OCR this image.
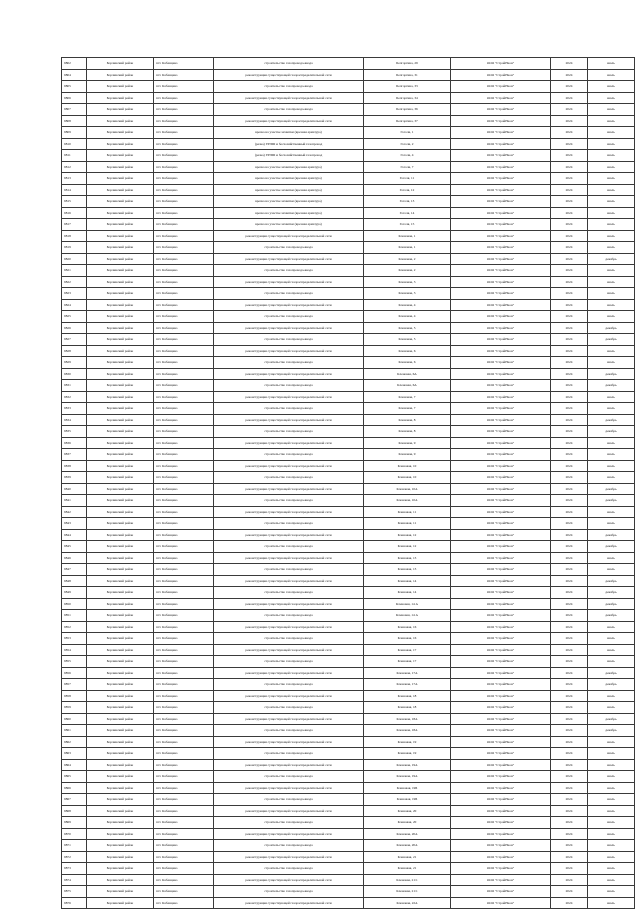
9802	Борзинский район	пгт. Кабанцево	строительство газопровода-ввода	Белгоргина, 29	ООО "СтройНеон"	2024	июль
9804	Борзинский район	пгт. Кабанцево	реконструкция существующей газораспределительной сети	Белгоргина, 31	ООО "СтройНеон"	2024	июль
9805	Борзинский район	пгт. Кабанцево	строительство газопровода-ввода	Белгоргина, 33	ООО "СтройНеон"	2024	июль
9806	Борзинский район	пгт. Кабанцево	реконструкция существующей газораспределительной сети	Белгоргина, 34	ООО "СтройНеон"	2024	июль
9807	Борзинский район	пгт. Кабанцево	строительство газопровода-ввода	Белгоргина, 36	ООО "СтройНеон"	2024	июль
9808	Борзинский район	пгт. Кабанцево	реконструкция существующей газораспределительной сети	Белгоргина, 37	ООО "СтройНеон"	2024	июль
9809	Борзинский район	пгт. Кабанцево	врезка на участке захватки (врезная арматура)	Гоголя, 1	ООО "СтройНеон"	2024	июль
9810	Борзинский район	пгт. Кабанцево	(резка) ГРПШ и бесхозяйственный газопровод	Гоголя, 2	ООО "СтройНеон"	2024	июль
9811	Борзинский район	пгт. Кабанцево	(резка) ГРПШ и бесхозяйственный газопровод	Гоголя, 4	ООО "СтройНеон"	2024	июль
9812	Борзинский район	пгт. Кабанцево	врезка на участке захватки (врезная арматура)	Гоголя, 7	ООО "СтройНеон"	2024	июль
9813	Борзинский район	пгт. Кабанцево	врезка на участке захватки (врезная арматура)	Гоголя, 11	ООО "СтройНеон"	2024	июль
9814	Борзинский район	пгт. Кабанцево	врезка на участке захватки (врезная арматура)	Гоголя, 12	ООО "СтройНеон"	2024	июль
9815	Борзинский район	пгт. Кабанцево	врезка на участке захватки (врезная арматура)	Гоголя, 13	ООО "СтройНеон"	2024	июль
9816	Борзинский район	пгт. Кабанцево	врезка на участке захватки (врезная арматура)	Гоголя, 14	ООО "СтройНеон"	2024	июль
9817	Борзинский район	пгт. Кабанцево	врезка на участке захватки (врезная арматура)	Гоголя, 15	ООО "СтройНеон"	2024	июль
9818	Борзинский район	пгт. Кабанцево	реконструкция существующей газораспределительной сети	Кленовая, 1	ООО "СтройНеон"	2024	июль
9819	Борзинский район	пгт. Кабанцево	строительство газопровода-ввода	Кленовая, 1	ООО "СтройНеон"	2024	июль
9820	Борзинский район	пгт. Кабанцево	реконструкция существующей газораспределительной сети	Кленовая, 2	ООО "СтройНеон"	2024	декабрь
9821	Борзинский район	пгт. Кабанцево	строительство газопровода-ввода	Кленовая, 2	ООО "СтройНеон"	2024	июль
9822	Борзинский район	пгт. Кабанцево	реконструкция существующей газораспределительной сети	Кленовая, 3	ООО "СтройНеон"	2024	июль
9823	Борзинский район	пгт. Кабанцево	строительство газопровода-ввода	Кленовая, 3	ООО "СтройНеон"	2024	июль
9824	Борзинский район	пгт. Кабанцево	реконструкция существующей газораспределительной сети	Кленовая, 4	ООО "СтройНеон"	2024	июль
9825	Борзинский район	пгт. Кабанцево	строительство газопровода-ввода	Кленовая, 4	ООО "СтройНеон"	2024	июль
9826	Борзинский район	пгт. Кабанцево	реконструкция существующей газораспределительной сети	Кленовая, 5	ООО "СтройНеон"	2024	декабрь
9827	Борзинский район	пгт. Кабанцево	строительство газопровода-ввода	Кленовая, 5	ООО "СтройНеон"	2024	декабрь
9828	Борзинский район	пгт. Кабанцево	реконструкция существующей газораспределительной сети	Кленовая, 6	ООО "СтройНеон"	2024	июль
9829	Борзинский район	пгт. Кабанцево	строительство газопровода-ввода	Кленовая, 6	ООО "СтройНеон"	2024	июль
9830	Борзинский район	пгт. Кабанцево	реконструкция существующей газораспределительной сети	Кленовая, 6А	ООО "СтройНеон"	2024	декабрь
9831	Борзинский район	пгт. Кабанцево	строительство газопровода-ввода	Кленовая, 6А	ООО "СтройНеон"	2024	декабрь
9832	Борзинский район	пгт. Кабанцево	реконструкция существующей газораспределительной сети	Кленовая, 7	ООО "СтройНеон"	2024	июль
9833	Борзинский район	пгт. Кабанцево	строительство газопровода-ввода	Кленовая, 7	ООО "СтройНеон"	2024	июль
9834	Борзинский район	пгт. Кабанцево	реконструкция существующей газораспределительной сети	Кленовая, 8	ООО "СтройНеон"	2024	декабрь
9835	Борзинский район	пгт. Кабанцево	строительство газопровода-ввода	Кленовая, 8	ООО "СтройНеон"	2024	декабрь
9836	Борзинский район	пгт. Кабанцево	реконструкция существующей газораспределительной сети	Кленовая, 9	ООО "СтройНеон"	2024	июль
9837	Борзинский район	пгт. Кабанцево	строительство газопровода-ввода	Кленовая, 9	ООО "СтройНеон"	2024	июль
9838	Борзинский район	пгт. Кабанцево	реконструкция существующей газораспределительной сети	Кленовая, 10	ООО "СтройНеон"	2024	июль
9839	Борзинский район	пгт. Кабанцево	строительство газопровода-ввода	Кленовая, 10	ООО "СтройНеон"	2024	июль
9840	Борзинский район	пгт. Кабанцево	реконструкция существующей газораспределительной сети	Кленовая, 10А	ООО "СтройНеон"	2024	декабрь
9841	Борзинский район	пгт. Кабанцево	строительство газопровода-ввода	Кленовая, 10А	ООО "СтройНеон"	2024	декабрь
9842	Борзинский район	пгт. Кабанцево	реконструкция существующей газораспределительной сети	Кленовая, 11	ООО "СтройНеон"	2024	июль
9843	Борзинский район	пгт. Кабанцево	строительство газопровода-ввода	Кленовая, 11	ООО "СтройНеон"	2024	июль
9844	Борзинский район	пгт. Кабанцево	реконструкция существующей газораспределительной сети	Кленовая, 12	ООО "СтройНеон"	2024	декабрь
9845	Борзинский район	пгт. Кабанцево	строительство газопровода-ввода	Кленовая, 12	ООО "СтройНеон"	2024	декабрь
9846	Борзинский район	пгт. Кабанцево	реконструкция существующей газораспределительной сети	Кленовая, 13	ООО "СтройНеон"	2024	июль
9847	Борзинский район	пгт. Кабанцево	строительство газопровода-ввода	Кленовая, 13	ООО "СтройНеон"	2024	июль
9848	Борзинский район	пгт. Кабанцево	реконструкция существующей газораспределительной сети	Кленовая, 14	ООО "СтройНеон"	2024	декабрь
9849	Борзинский район	пгт. Кабанцево	строительство газопровода-ввода	Кленовая, 14	ООО "СтройНеон"	2024	декабрь
9850	Борзинский район	пгт. Кабанцево	реконструкция существующей газораспределительной сети	Кленовая, 14 А	ООО "СтройНеон"	2024	декабрь
9851	Борзинский район	пгт. Кабанцево	строительство газопровода-ввода	Кленовая, 14 А	ООО "СтройНеон"	2024	декабрь
9852	Борзинский район	пгт. Кабанцево	реконструкция существующей газораспределительной сети	Кленовая, 16	ООО "СтройНеон"	2024	июль
9853	Борзинский район	пгт. Кабанцево	строительство газопровода-ввода	Кленовая, 16	ООО "СтройНеон"	2024	июль
9854	Борзинский район	пгт. Кабанцево	реконструкция существующей газораспределительной сети	Кленовая, 17	ООО "СтройНеон"	2024	июль
9855	Борзинский район	пгт. Кабанцево	строительство газопровода-ввода	Кленовая, 17	ООО "СтройНеон"	2024	июль
9856	Борзинский район	пгт. Кабанцево	реконструкция существующей газораспределительной сети	Кленовая, 17А	ООО "СтройНеон"	2024	декабрь
9857	Борзинский район	пгт. Кабанцево	строительство газопровода-ввода	Кленовая, 17А	ООО "СтройНеон"	2024	декабрь
9858	Борзинский район	пгт. Кабанцево	реконструкция существующей газораспределительной сети	Кленовая, 18	ООО "СтройНеон"	2024	июль
9859	Борзинский район	пгт. Кабанцево	строительство газопровода-ввода	Кленовая, 18	ООО "СтройНеон"	2024	июль
9860	Борзинский район	пгт. Кабанцево	реконструкция существующей газораспределительной сети	Кленовая, 18А	ООО "СтройНеон"	2024	декабрь
9861	Борзинский район	пгт. Кабанцево	строительство газопровода-ввода	Кленовая, 18А	ООО "СтройНеон"	2024	декабрь
9862	Борзинский район	пгт. Кабанцево	реконструкция существующей газораспределительной сети	Кленовая, 19	ООО "СтройНеон"	2024	июль
9863	Борзинский район	пгт. Кабанцево	строительство газопровода-ввода	Кленовая, 19	ООО "СтройНеон"	2024	июль
9864	Борзинский район	пгт. Кабанцево	реконструкция существующей газораспределительной сети	Кленовая, 19А	ООО "СтройНеон"	2024	июль
9865	Борзинский район	пгт. Кабанцево	строительство газопровода-ввода	Кленовая, 19А	ООО "СтройНеон"	2024	июль
9866	Борзинский район	пгт. Кабанцево	реконструкция существующей газораспределительной сети	Кленовая, 19Б	ООО "СтройНеон"	2024	июль
9867	Борзинский район	пгт. Кабанцево	строительство газопровода-ввода	Кленовая, 19Б	ООО "СтройНеон"	2024	июль
9868	Борзинский район	пгт. Кабанцево	реконструкция существующей газораспределительной сети	Кленовая, 20	ООО "СтройНеон"	2024	июль
9869	Борзинский район	пгт. Кабанцево	строительство газопровода-ввода	Кленовая, 20	ООО "СтройНеон"	2024	июль
9870	Борзинский район	пгт. Кабанцево	реконструкция существующей газораспределительной сети	Кленовая, 20А	ООО "СтройНеон"	2024	июль
9871	Борзинский район	пгт. Кабанцево	строительство газопровода-ввода	Кленовая, 20А	ООО "СтройНеон"	2024	июль
9872	Борзинский район	пгт. Кабанцево	реконструкция существующей газораспределительной сети	Кленовая, 21	ООО "СтройНеон"	2024	июль
9873	Борзинский район	пгт. Кабанцево	строительство газопровода-ввода	Кленовая, 21	ООО "СтройНеон"	2024	июль
9874	Борзинский район	пгт. Кабанцево	реконструкция существующей газораспределительной сети	Кленовая, 21/1	ООО "СтройНеон"	2024	июль
9875	Борзинский район	пгт. Кабанцево	строительство газопровода-ввода	Кленовая, 21/1	ООО "СтройНеон"	2024	июль
9876	Борзинский район	пгт. Кабанцево	реконструкция существующей газораспределительной сети	Кленовая, 22А	ООО "СтройНеон"	2024	июль
